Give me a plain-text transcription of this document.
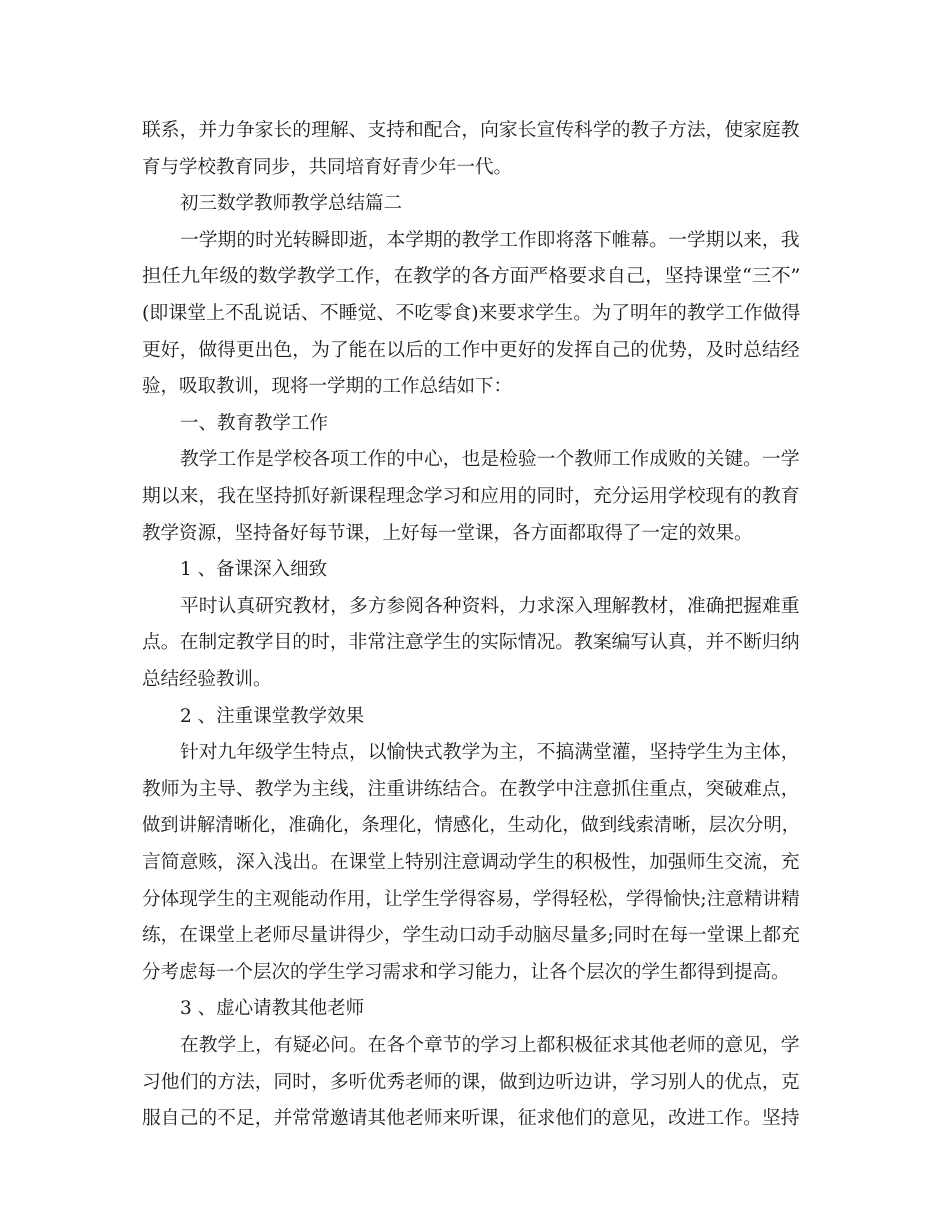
联系，并力争家长的理解、支持和配合，向家长宣传科学的教子方法，使家庭教
育与学校教育同步，共同培育好青少年一代。
初三数学教师教学总结篇二
一学期的时光转瞬即逝，本学期的教学工作即将落下帷幕。一学期以来，我
担任九年级的数学教学工作，在教学的各方面严格要求自己，坚持课堂“三不”
(即课堂上不乱说话、不睡觉、不吃零食)来要求学生。为了明年的教学工作做得
更好，做得更出色，为了能在以后的工作中更好的发挥自己的优势，及时总结经
验，吸取教训，现将一学期的工作总结如下：
一、教育教学工作
教学工作是学校各项工作的中心，也是检验一个教师工作成败的关键。一学
期以来，我在坚持抓好新课程理念学习和应用的同时，充分运用学校现有的教育
教学资源，坚持备好每节课，上好每一堂课，各方面都取得了一定的效果。
1 、备课深入细致
平时认真研究教材，多方参阅各种资料，力求深入理解教材，准确把握难重
点。在制定教学目的时，非常注意学生的实际情况。教案编写认真，并不断归纳
总结经验教训。
2 、注重课堂教学效果
针对九年级学生特点，以愉快式教学为主，不搞满堂灌，坚持学生为主体，
教师为主导、教学为主线，注重讲练结合。在教学中注意抓住重点，突破难点，
做到讲解清晰化，准确化，条理化，情感化，生动化，做到线索清晰，层次分明，
言简意赅，深入浅出。在课堂上特别注意调动学生的积极性，加强师生交流，充
分体现学生的主观能动作用，让学生学得容易，学得轻松，学得愉快;注意精讲精
练，在课堂上老师尽量讲得少，学生动口动手动脑尽量多;同时在每一堂课上都充
分考虑每一个层次的学生学习需求和学习能力，让各个层次的学生都得到提高。
3 、虚心请教其他老师
在教学上，有疑必问。在各个章节的学习上都积极征求其他老师的意见，学
习他们的方法，同时，多听优秀老师的课，做到边听边讲，学习别人的优点，克
服自己的不足，并常常邀请其他老师来听课，征求他们的意见，改进工作。坚持
